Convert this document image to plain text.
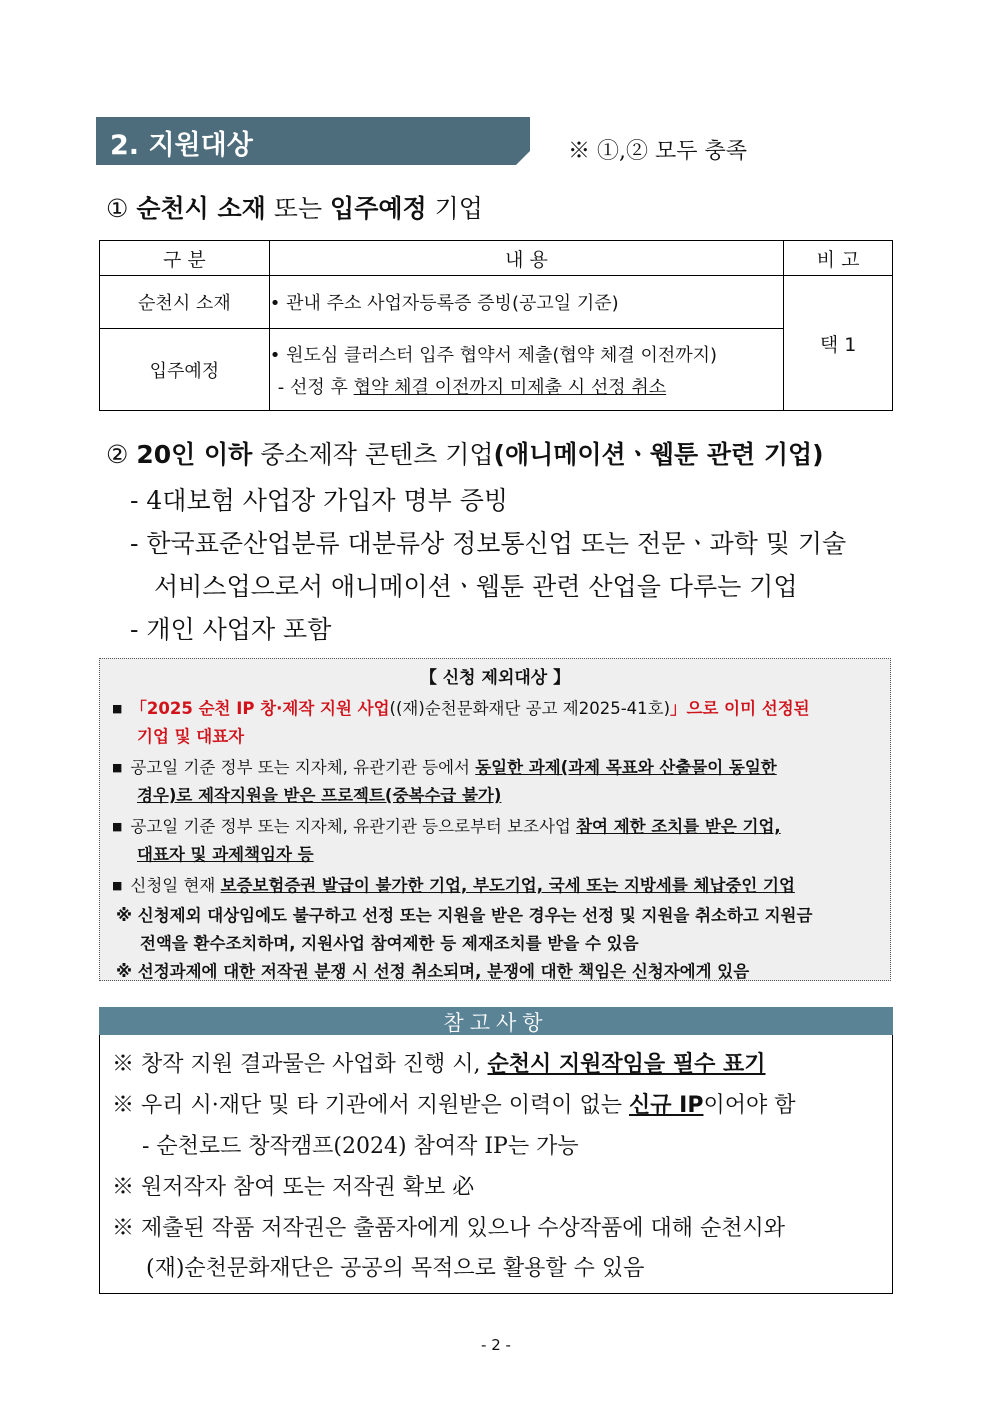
2. 지원대상	※ ①,② 모두 충족
① 순천시 소재 또는 입주예정 기업
구 분	내 용	비 고
순천시 소재	• 관내 주소 사업자등록증 증빙(공고일 기준)	택 1
입주예정	• 원도심 클러스터 입주 협약서 제출(협약 체결 이전까지)
- 선정 후 협약 체결 이전까지 미제출 시 선정 취소	
② 20인 이하 중소제작 콘텐츠 기업(애니메이션ㆍ웹툰 관련 기업)
- 4대보험 사업장 가입자 명부 증빙
- 한국표준산업분류 대분류상 정보통신업 또는 전문ㆍ과학 및 기술
서비스업으로서 애니메이션ㆍ웹툰 관련 산업을 다루는 기업
- 개인 사업자 포함
【 신청 제외대상 】
■ 「2025 순천 IP 창·제작 지원 사업((재)순천문화재단 공고 제2025-41호)」으로 이미 선정된
기업 및 대표자
■ 공고일 기준 정부 또는 지자체, 유관기관 등에서 동일한 과제(과제 목표와 산출물이 동일한
경우)로 제작지원을 받은 프로젝트(중복수급 불가)
■ 공고일 기준 정부 또는 지자체, 유관기관 등으로부터 보조사업 참여 제한 조치를 받은 기업,
대표자 및 과제책임자 등
■ 신청일 현재 보증보험증권 발급이 불가한 기업, 부도기업, 국세 또는 지방세를 체납중인 기업
※ 신청제외 대상임에도 불구하고 선정 또는 지원을 받은 경우는 선정 및 지원을 취소하고 지원금
전액을 환수조치하며, 지원사업 참여제한 등 제재조치를 받을 수 있음
※ 선정과제에 대한 저작권 분쟁 시 선정 취소되며, 분쟁에 대한 책임은 신청자에게 있음
참고사항
※ 창작 지원 결과물은 사업화 진행 시, 순천시 지원작임을 필수 표기
※ 우리 시·재단 및 타 기관에서 지원받은 이력이 없는 신규 IP이어야 함
- 순천로드 창작캠프(2024) 참여작 IP는 가능
※ 원저작자 참여 또는 저작권 확보 必
※ 제출된 작품 저작권은 출품자에게 있으나 수상작품에 대해 순천시와
(재)순천문화재단은 공공의 목적으로 활용할 수 있음
- 2 -
